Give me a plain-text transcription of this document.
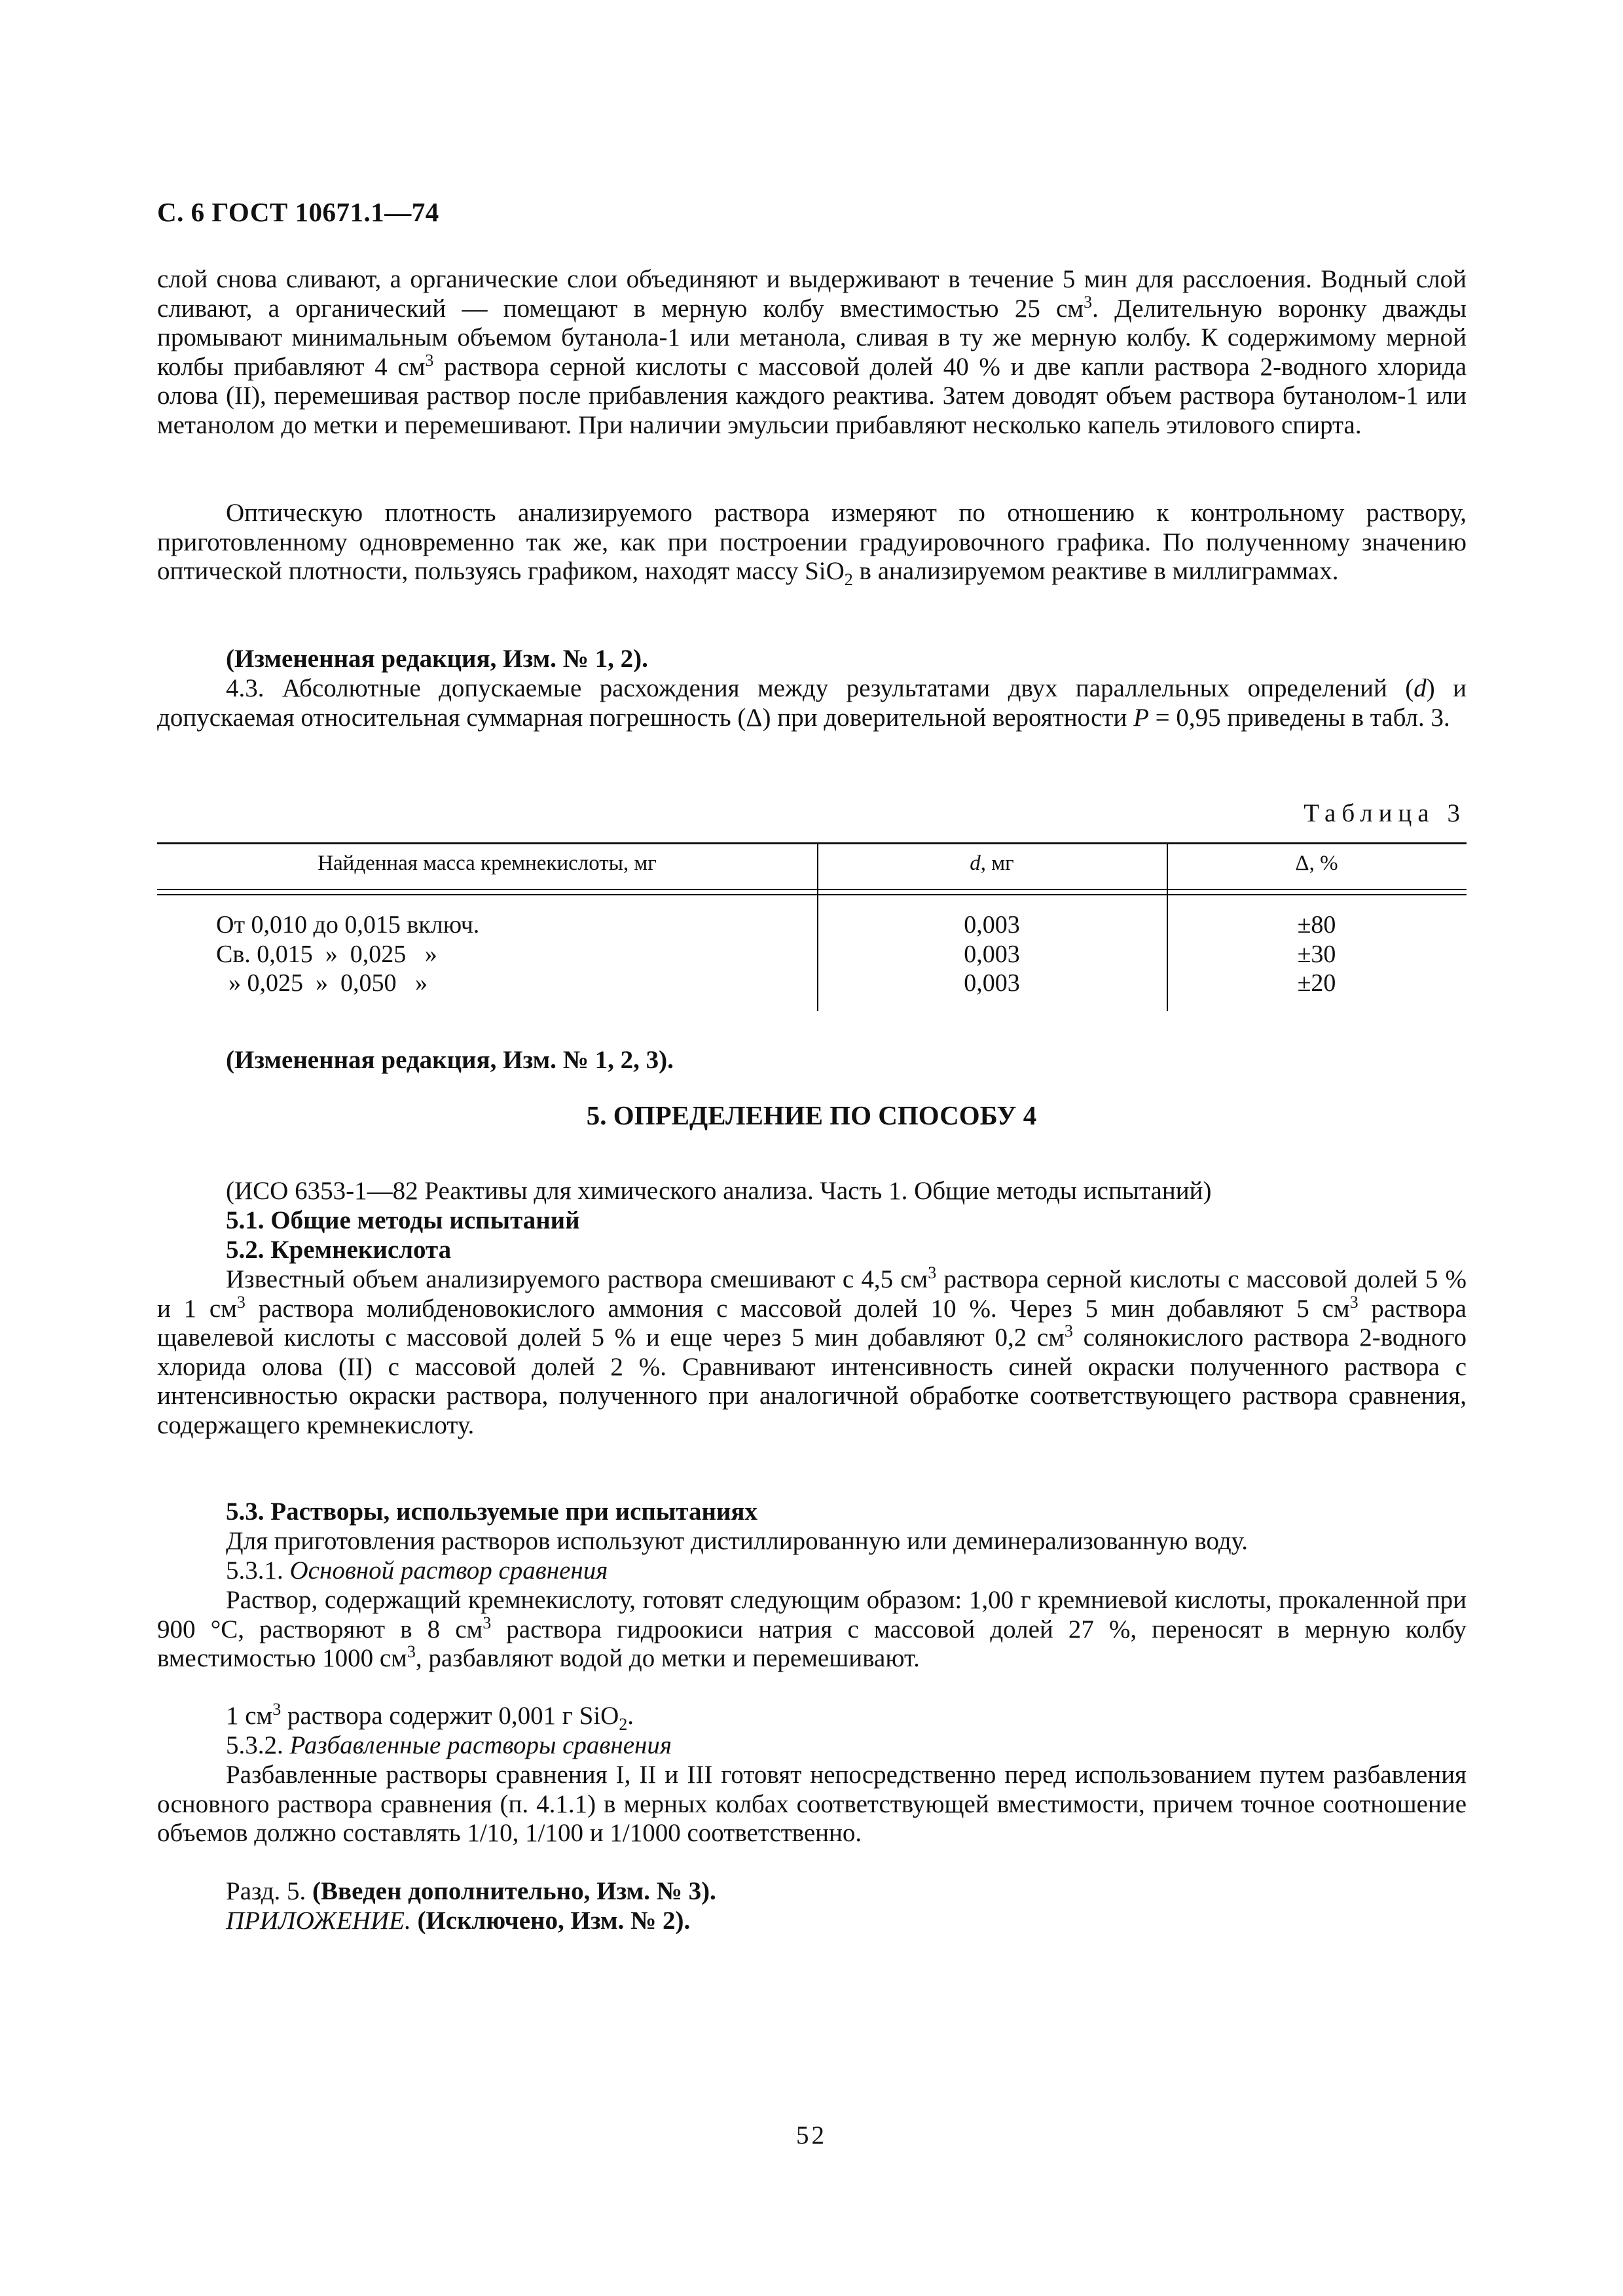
С. 6 ГОСТ 10671.1—74
слой снова сливают, а органические слои объединяют и выдерживают в течение 5 мин для расслоения. Водный слой сливают, а органический — помещают в мерную колбу вместимостью 25 $см^3$. Делительную воронку дважды промывают минимальным объемом бутанола-1 или метанола, сливая в ту же мерную колбу. К содержимому мерной колбы прибавляют 4 $см^3$ раствора серной кислоты с массовой долей 40 % и две капли раствора 2-водного хлорида олова (II), перемешивая раствор после прибавления каждого реактива. Затем доводят объем раствора бутанолом-1 или метанолом до метки и перемешивают. При наличии эмульсии прибавляют несколько капель этилового спирта.
Оптическую плотность анализируемого раствора измеряют по отношению к контрольному раствору, приготовленному одновременно так же, как при построении градуировочного графика. По полученному значению оптической плотности, пользуясь графиком, находят массу SiO$_2$ в анализируемом реактиве в миллиграммах.
(Измененная редакция, Изм. № 1, 2).
4.3. Абсолютные допускаемые расхождения между результатами двух параллельных определений (d) и допускаемая относительная суммарная погрешность (Δ) при доверительной вероятности P = 0,95 приведены в табл. 3.
Таблица 3
Найденная масса кремнекислоты, мг	d, мг	Δ, %
От 0,010 до 0,015 включ.
Св. 0,015  »  0,025   »
» 0,025  »  0,050   »
0,003
0,003
0,003
±80
±30
±20
(Измененная редакция, Изм. № 1, 2, 3).
5. ОПРЕДЕЛЕНИЕ ПО СПОСОБУ 4
(ИСО 6353-1—82 Реактивы для химического анализа. Часть 1. Общие методы испытаний)
5.1. Общие методы испытаний
5.2. Кремнекислота
Известный объем анализируемого раствора смешивают с 4,5 $см^3$ раствора серной кислоты с массовой долей 5 % и 1 $см^3$ раствора молибденовокислого аммония с массовой долей 10 %. Через 5 мин добавляют 5 $см^3$ раствора щавелевой кислоты с массовой долей 5 % и еще через 5 мин добавляют 0,2 $см^3$ солянокислого раствора 2-водного хлорида олова (II) с массовой долей 2 %. Сравнивают интенсивность синей окраски полученного раствора с интенсивностью окраски раствора, полученного при аналогичной обработке соответствующего раствора сравнения, содержащего кремнекислоту.
5.3. Растворы, используемые при испытаниях
Для приготовления растворов используют дистиллированную или деминерализованную воду.
5.3.1. Основной раствор сравнения
Раствор, содержащий кремнекислоту, готовят следующим образом: 1,00 г кремниевой кислоты, прокаленной при 900 °С, растворяют в 8 $см^3$ раствора гидроокиси натрия с массовой долей 27 %, переносят в мерную колбу вместимостью 1000 $см^3$, разбавляют водой до метки и перемешивают.
1 $см^3$ раствора содержит 0,001 г SiO$_2$.
5.3.2. Разбавленные растворы сравнения
Разбавленные растворы сравнения I, II и III готовят непосредственно перед использованием путем разбавления основного раствора сравнения (п. 4.1.1) в мерных колбах соответствующей вместимости, причем точное соотношение объемов должно составлять 1/10, 1/100 и 1/1000 соответственно.
Разд. 5. (Введен дополнительно, Изм. № 3).
ПРИЛОЖЕНИЕ. (Исключено, Изм. № 2).
52
